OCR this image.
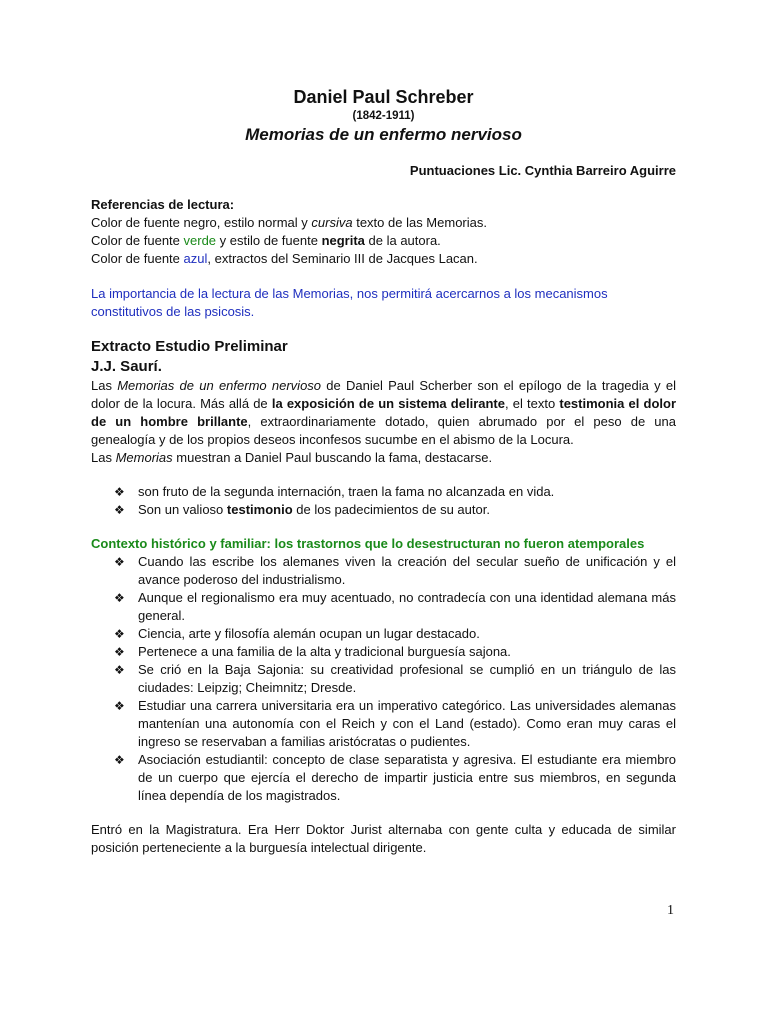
Daniel Paul Schreber
(1842-1911)
Memorias de un enfermo nervioso
Puntuaciones Lic. Cynthia Barreiro Aguirre
Referencias de lectura:
Color de fuente negro, estilo normal y cursiva texto de las Memorias.
Color de fuente verde y estilo de fuente negrita de la autora.
Color de fuente azul, extractos del Seminario III de Jacques Lacan.
La importancia de la lectura de las Memorias, nos permitirá acercarnos a los mecanismos constitutivos de las psicosis.
Extracto Estudio Preliminar
J.J. Saurí.
Las Memorias de un enfermo nervioso de Daniel Paul Scherber son el epílogo de la tragedia y el dolor de la locura. Más allá de la exposición de un sistema delirante, el texto testimonia el dolor de un hombre brillante, extraordinariamente dotado, quien abrumado por el peso de una genealogía y de los propios deseos inconfesos sucumbe en el abismo de la Locura.
Las Memorias muestran a Daniel Paul buscando la fama, destacarse.
❖ son fruto de la segunda internación, traen la fama no alcanzada en vida.
❖ Son un valioso testimonio de los padecimientos de su autor.
Contexto histórico y familiar: los trastornos que lo desestructuran no fueron atemporales
❖ Cuando las escribe los alemanes viven la creación del secular sueño de unificación y el avance poderoso del industrialismo.
❖ Aunque el regionalismo era muy acentuado, no contradecía con una identidad alemana más general.
❖ Ciencia, arte y filosofía alemán ocupan un lugar destacado.
❖ Pertenece a una familia de la alta y tradicional burguesía sajona.
❖ Se crió en la Baja Sajonia: su creatividad profesional se cumplió en un triángulo de las ciudades: Leipzig; Cheimnitz; Dresde.
❖ Estudiar una carrera universitaria era un imperativo categórico. Las universidades alemanas mantenían una autonomía con el Reich y con el Land (estado). Como eran muy caras el ingreso se reservaban a familias aristócratas o pudientes.
❖ Asociación estudiantil: concepto de clase separatista y agresiva. El estudiante era miembro de un cuerpo que ejercía el derecho de impartir justicia entre sus miembros, en segunda línea dependía de los magistrados.
Entró en la Magistratura. Era Herr Doktor Jurist alternaba con gente culta y educada de similar posición perteneciente a la burguesía intelectual dirigente.
1
